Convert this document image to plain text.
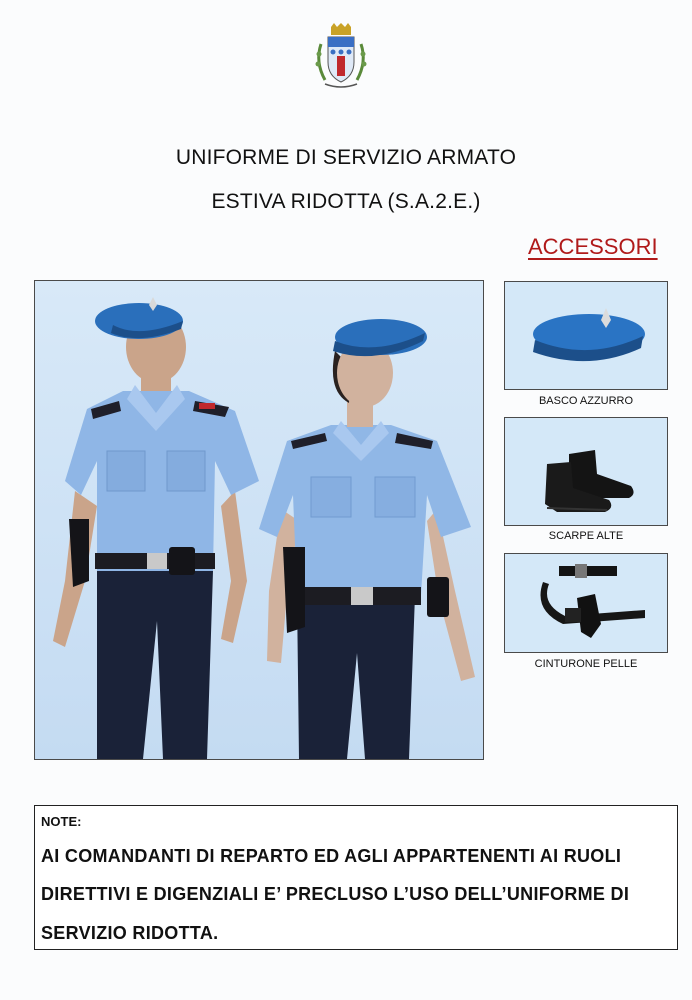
UNIFORME DI SERVIZIO ARMATO
ESTIVA RIDOTTA (S.A.2.E.)
ACCESSORI
BASCO AZZURRO
SCARPE ALTE
CINTURONE PELLE
NOTE:
AI COMANDANTI DI REPARTO ED AGLI APPARTENENTI AI RUOLI
DIRETTIVI E DIGENZIALI E’ PRECLUSO L’USO DELL’UNIFORME DI
SERVIZIO RIDOTTA.
